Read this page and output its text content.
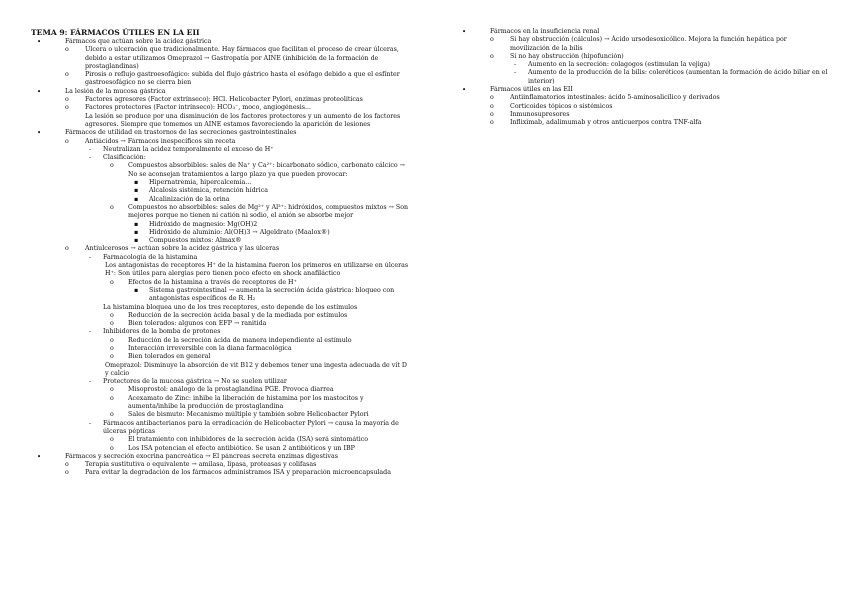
TEMA 9: FÁRMACOS ÚTILES EN LA EII
•	Fármacos que actúan sobre la acidez gástrica
o	Ulcera o ulceración que tradicionalmente. Hay fármacos que facilitan el proceso de crear úlceras, debido a estar utilizamos Omeprazol → Gastropatía por AINE (inhibición de la formación de prostaglandinas)
o	Pirosis o reflujo gastroesofágico: subida del flujo gástrico hasta el esófago debido a que el esfínter gastroesofágico no se cierra bien
•	La lesión de la mucosa gástrica
o	Factores agresores (Factor extrínseco): HCl. Helicobacter Pylori, enzimas proteolíticas
o	Factores protectores (Factor intrínseco): HCO₃⁻, moco, angiogénesis...
La lesión se produce por una disminución de los factores protectores y un aumento de los factores agresores. Siempre que tomemos un AINE estamos favoreciendo la aparición de lesiones
•	Fármacos de utilidad en trastornos de las secreciones gastrointestinales
o	Antiácidos → Fármacos inespecíficos sin receta
- Neutralizan la acidez temporalmente el exceso de H⁺
- Clasificación:
o Compuestos absorbibles: sales de Na⁺ y Ca²⁺: bicarbonato sódico, carbonato cálcico → No se aconsejan tratamientos a largo plazo ya que pueden provocar:
▪ Hipernatremia, hipercalcemia...
▪ Alcalosis sistémica, retención hídrica
▪ Alcalinización de la orina
o Compuestos no absorbibles: sales de Mg²⁺ y Al³⁺: hidróxidos, compuestos mixtos → Son mejores porque no tienen ni catión ni sodio, el anión se absorbe mejor
▪ Hidróxido de magnesio: Mg(OH)2
▪ Hidróxido de aluminio: Al(OH)3 → Algeldrato (Maalox®)
▪ Compuestos mixtos: Almax®
o	Antiulcerosos → actúan sobre la acidez gástrica y las úlceras
- Farmacología de la histamina
Los antagonistas de receptores H⁺ de la histamina fueron los primeros en utilizarse en úlceras H⁺: Son útiles para alergias pero tienen poco efecto en shock anafiláctico
o Efectos de la histamina a través de receptores de H⁺
▪ Sistema gastrointestinal → aumenta la secreción ácida gástrica: bloqueo con antagonistas específicos de R. H₂
La histamina bloquea uno de los tres receptores, esto depende de los estímulos
o Reducción de la secreción ácida basal y de la mediada por estímulos
o Bien tolerados: algunos con EFP → ranitida
- Inhibidores de la bomba de protones
o Reducción de la secreción ácida de manera independiente al estímulo
o Interacción irreversible con la diana farmacológica
o Bien tolerados en general
Omeprazol: Disminuye la absorción de vit B12 y debemos tener una ingesta adecuada de vit D y calcio
- Protectores de la mucosa gástrica → No se suelen utilizar
o Misoprostol: análogo de la prostaglandina PGE. Provoca diarrea
o Acexamato de Zinc: inhibe la liberación de histamina por los mastocitos y aumenta/inhibe la producción de prostaglandina
o Sales de bismuto: Mecanismo múltiple y también sobre Helicobacter Pylori
- Fármacos antibacterianos para la erradicación de Helicobacter Pylori → causa la mayoría de úlceras pépticas
o El tratamiento con inhibidores de la secreción ácida (ISA) será sintomático
o Los ISA potencian el efecto antibiótico. Se usan 2 antibióticos y un IBP
•	Fármacos y secreción exocrina pancreática → El páncreas secreta enzimas digestivas
o	Terapia sustitutiva o equivalente → amilasa, lipasa, proteasas y colifasas
o	Para evitar la degradación de los fármacos administramos ISA y preparación microencapsulada
•	Fármacos en la insuficiencia renal
o	Si hay obstrucción (cálculos) → Ácido ursodesoxicólico. Mejora la función hepática por movilización de la bilis
o	Si no hay obstrucción (hipofunción)
- Aumento en la secreción: colagogos (estimulan la vejiga)
- Aumento de la producción de la bilis: coleréticos (aumentan la formación de ácido biliar en el interior)
•	Fármacos útiles en las EII
o	Antiinflamatorios intestinales: ácido 5-aminosalicílico y derivados
o	Corticoides tópicos o sistémicos
o	Inmunosupresores
o	Infliximab, adalimumab y otros anticuerpos contra TNF-alfa
